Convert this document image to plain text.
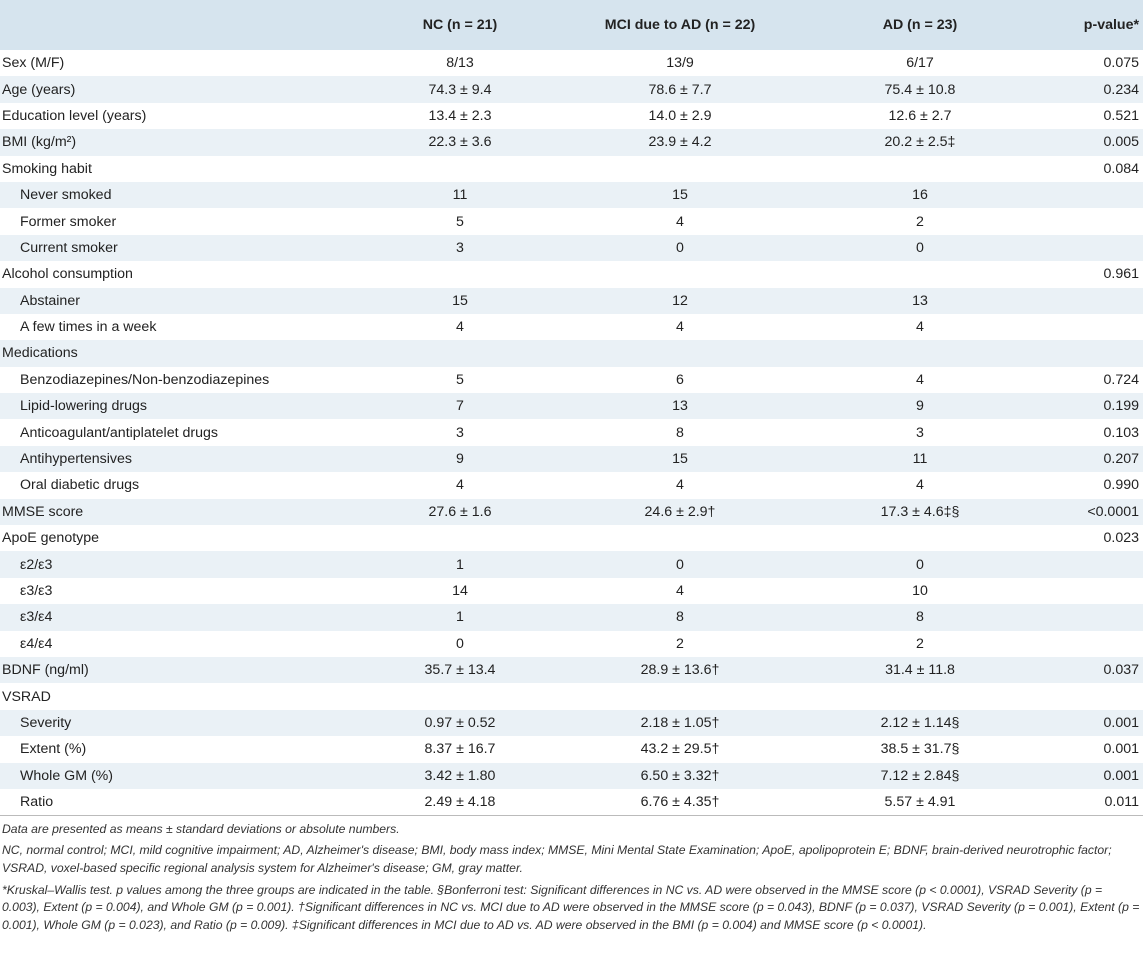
	NC (n = 21)	MCI due to AD (n = 22)	AD (n = 23)	p-value*
Sex (M/F)	8/13	13/9	6/17	0.075
Age (years)	74.3 ± 9.4	78.6 ± 7.7	75.4 ± 10.8	0.234
Education level (years)	13.4 ± 2.3	14.0 ± 2.9	12.6 ± 2.7	0.521
BMI (kg/m²)	22.3 ± 3.6	23.9 ± 4.2	20.2 ± 2.5‡	0.005
Smoking habit				0.084
Never smoked	11	15	16	
Former smoker	5	4	2	
Current smoker	3	0	0	
Alcohol consumption				0.961
Abstainer	15	12	13	
A few times in a week	4	4	4	
Medications				
Benzodiazepines/Non-benzodiazepines	5	6	4	0.724
Lipid-lowering drugs	7	13	9	0.199
Anticoagulant/antiplatelet drugs	3	8	3	0.103
Antihypertensives	9	15	11	0.207
Oral diabetic drugs	4	4	4	0.990
MMSE score	27.6 ± 1.6	24.6 ± 2.9†	17.3 ± 4.6‡§	<0.0001
ApoE genotype				0.023
ε2/ε3	1	0	0	
ε3/ε3	14	4	10	
ε3/ε4	1	8	8	
ε4/ε4	0	2	2	
BDNF (ng/ml)	35.7 ± 13.4	28.9 ± 13.6†	31.4 ± 11.8	0.037
VSRAD				
Severity	0.97 ± 0.52	2.18 ± 1.05†	2.12 ± 1.14§	0.001
Extent (%)	8.37 ± 16.7	43.2 ± 29.5†	38.5 ± 31.7§	0.001
Whole GM (%)	3.42 ± 1.80	6.50 ± 3.32†	7.12 ± 2.84§	0.001
Ratio	2.49 ± 4.18	6.76 ± 4.35†	5.57 ± 4.91	0.011

Data are presented as means ± standard deviations or absolute numbers.

NC, normal control; MCI, mild cognitive impairment; AD, Alzheimer's disease; BMI, body mass index; MMSE, Mini Mental State Examination; ApoE, apolipoprotein E; BDNF, brain-derived neurotrophic factor; VSRAD, voxel-based specific regional analysis system for Alzheimer's disease; GM, gray matter.

*Kruskal–Wallis test. p values among the three groups are indicated in the table. §Bonferroni test: Significant differences in NC vs. AD were observed in the MMSE score (p < 0.0001), VSRAD Severity (p = 0.003), Extent (p = 0.004), and Whole GM (p = 0.001). †Significant differences in NC vs. MCI due to AD were observed in the MMSE score (p = 0.043), BDNF (p = 0.037), VSRAD Severity (p = 0.001), Extent (p = 0.001), Whole GM (p = 0.023), and Ratio (p = 0.009). ‡Significant differences in MCI due to AD vs. AD were observed in the BMI (p = 0.004) and MMSE score (p < 0.0001).
